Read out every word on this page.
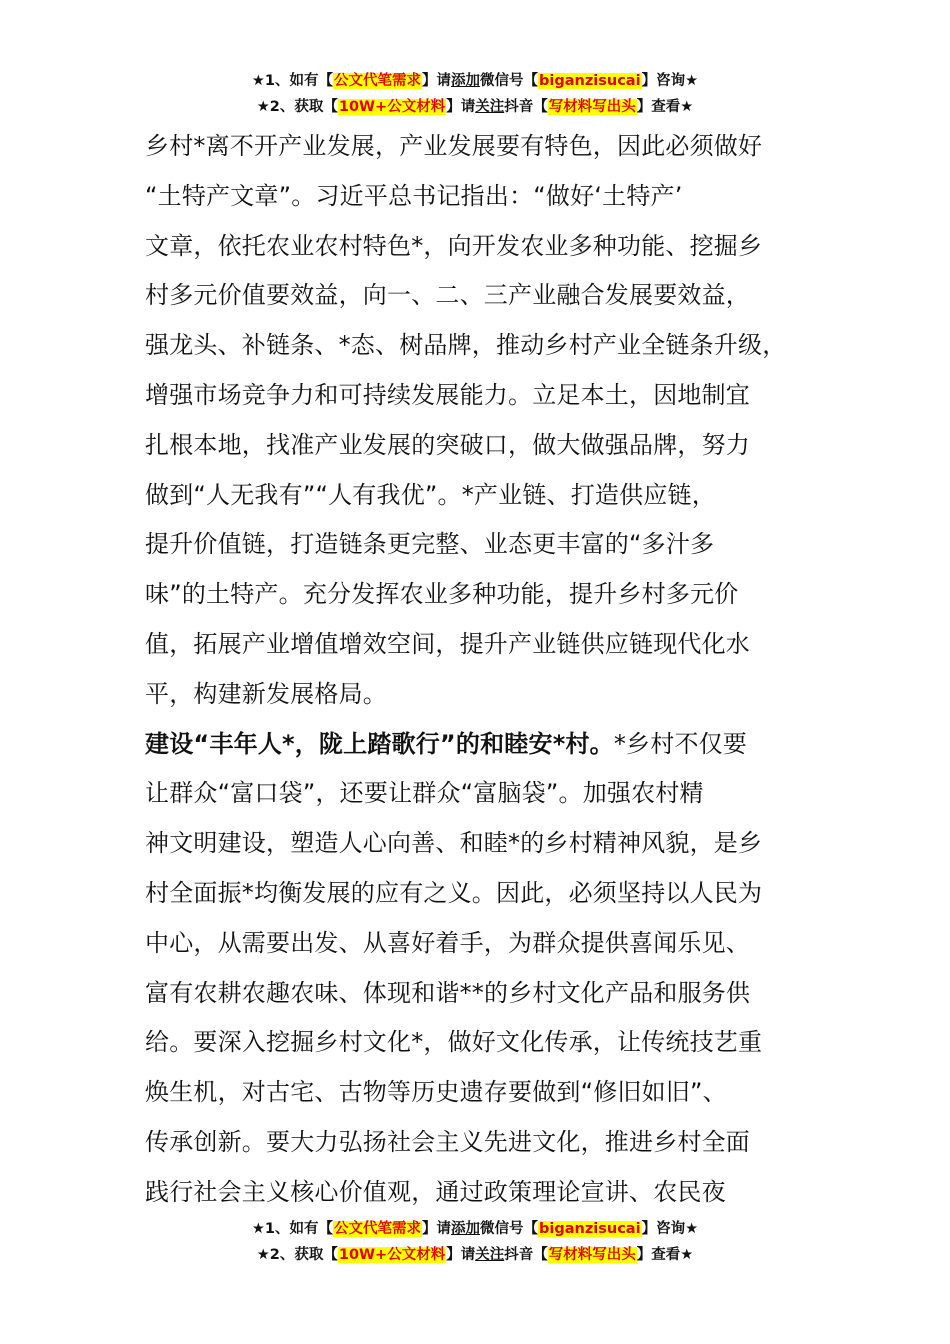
★1、如有【公文代笔需求】请添加微信号【biganzisucai】咨询★
★2、获取【10W+公文材料】请关注抖音【写材料写出头】查看★
乡村*离不开产业发展，产业发展要有特色，因此必须做好
“土特产文章”。习近平总书记指出：“做好‘土特产’
文章，依托农业农村特色*，向开发农业多种功能、挖掘乡
村多元价值要效益，向一、二、三产业融合发展要效益，
强龙头、补链条、*态、树品牌，推动乡村产业全链条升级，
增强市场竞争力和可持续发展能力。立足本土，因地制宜
扎根本地，找准产业发展的突破口，做大做强品牌，努力
做到“人无我有”“人有我优”。*产业链、打造供应链，
提升价值链，打造链条更完整、业态更丰富的“多汁多
味”的土特产。充分发挥农业多种功能，提升乡村多元价
值，拓展产业增值增效空间，提升产业链供应链现代化水
平，构建新发展格局。
建设“丰年人*，陇上踏歌行”的和睦安*村。*乡村不仅要
让群众“富口袋”，还要让群众“富脑袋”。加强农村精
神文明建设，塑造人心向善、和睦*的乡村精神风貌，是乡
村全面振*均衡发展的应有之义。因此，必须坚持以人民为
中心，从需要出发、从喜好着手，为群众提供喜闻乐见、
富有农耕农趣农味、体现和谐**的乡村文化产品和服务供
给。要深入挖掘乡村文化*，做好文化传承，让传统技艺重
焕生机，对古宅、古物等历史遗存要做到“修旧如旧”、
传承创新。要大力弘扬社会主义先进文化，推进乡村全面
践行社会主义核心价值观，通过政策理论宣讲、农民夜
★1、如有【公文代笔需求】请添加微信号【biganzisucai】咨询★
★2、获取【10W+公文材料】请关注抖音【写材料写出头】查看★
